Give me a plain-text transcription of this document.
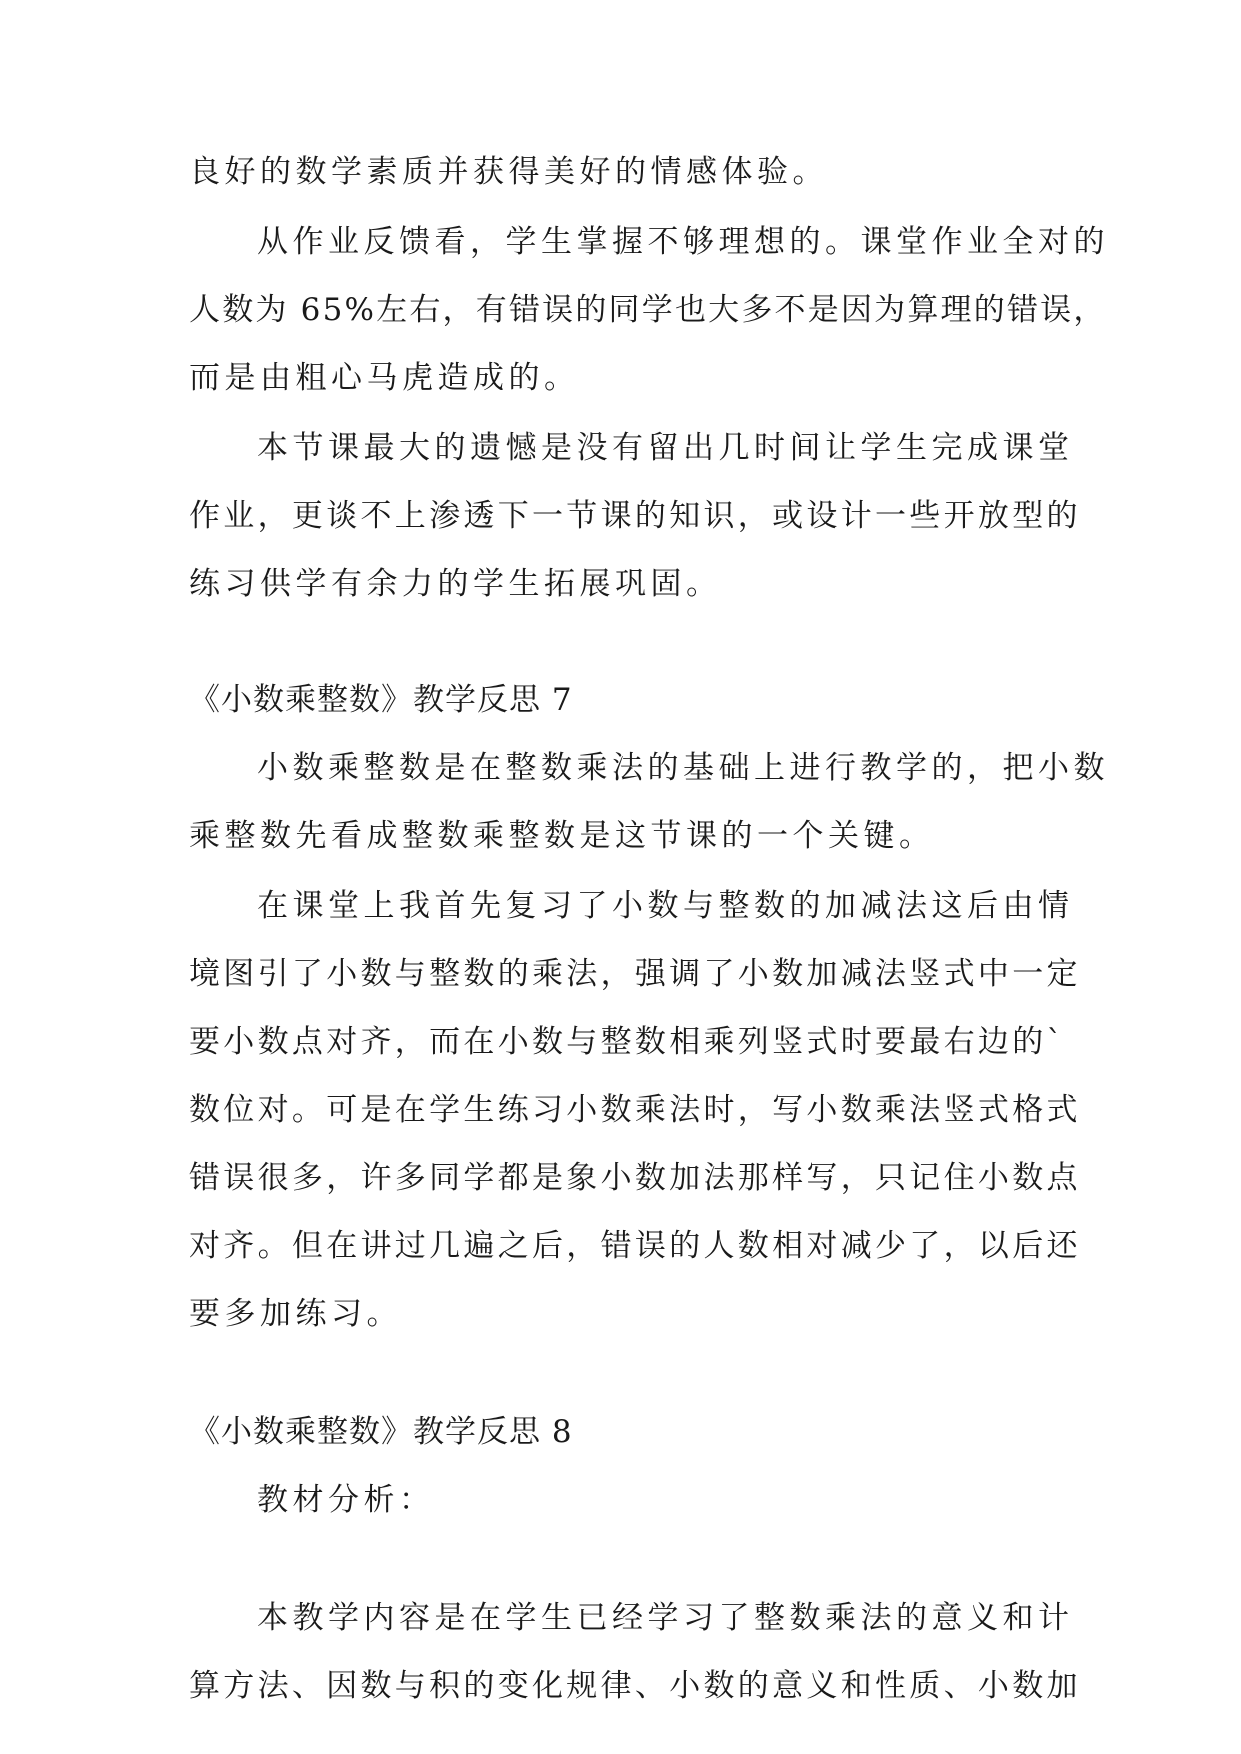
良好的数学素质并获得美好的情感体验。
从作业反馈看，学生掌握不够理想的。课堂作业全对的
人数为 65%左右，有错误的同学也大多不是因为算理的错误，
而是由粗心马虎造成的。
本节课最大的遗憾是没有留出几时间让学生完成课堂
作业，更谈不上渗透下一节课的知识，或设计一些开放型的
练习供学有余力的学生拓展巩固。
《小数乘整数》教学反思 7
小数乘整数是在整数乘法的基础上进行教学的，把小数
乘整数先看成整数乘整数是这节课的一个关键。
在课堂上我首先复习了小数与整数的加减法这后由情
境图引了小数与整数的乘法，强调了小数加减法竖式中一定
要小数点对齐，而在小数与整数相乘列竖式时要最右边的`
数位对。可是在学生练习小数乘法时，写小数乘法竖式格式
错误很多，许多同学都是象小数加法那样写，只记住小数点
对齐。但在讲过几遍之后，错误的人数相对减少了，以后还
要多加练习。
《小数乘整数》教学反思 8
教材分析：
本教学内容是在学生已经学习了整数乘法的意义和计
算方法、因数与积的变化规律、小数的意义和性质、小数加
